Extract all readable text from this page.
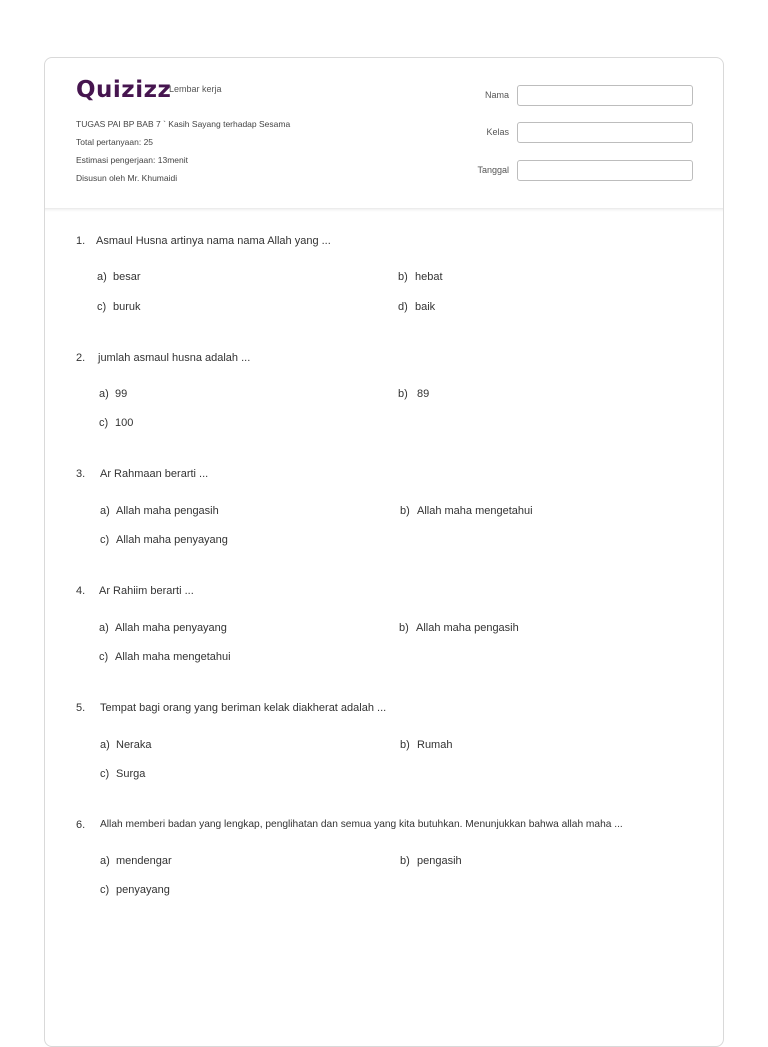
Quizizz
Lembar kerja
TUGAS PAI BP BAB 7 ` Kasih Sayang terhadap Sesama
Total pertanyaan: 25
Estimasi pengerjaan: 13menit
Disusun oleh Mr. Khumaidi
Nama
Kelas
Tanggal
1. Asmaul Husna artinya nama nama Allah yang ...
a) besar	b) hebat
c) buruk	d) baik
2. jumlah asmaul husna adalah ...
a) 99	b) 89
c) 100
3. Ar Rahmaan berarti ...
a) Allah maha pengasih	b) Allah maha mengetahui
c) Allah maha penyayang
4. Ar Rahiim berarti ...
a) Allah maha penyayang	b) Allah maha pengasih
c) Allah maha mengetahui
5. Tempat bagi orang yang beriman kelak diakherat adalah ...
a) Neraka	b) Rumah
c) Surga
6. Allah memberi badan yang lengkap, penglihatan dan semua yang kita butuhkan. Menunjukkan bahwa allah maha ...
a) mendengar	b) pengasih
c) penyayang
